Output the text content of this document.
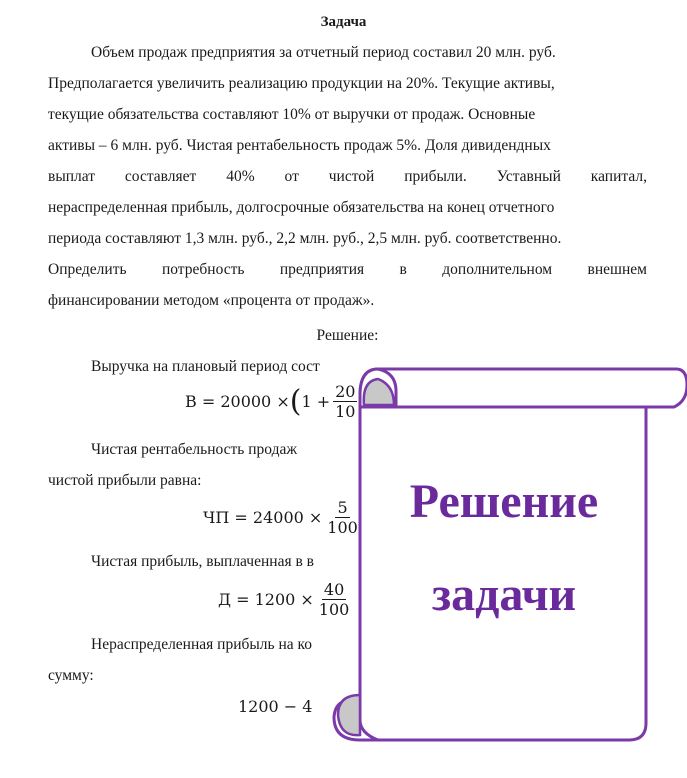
Задача
Объем продаж предприятия за отчетный период составил 20 млн. руб.
Предполагается увеличить реализацию продукции на 20%. Текущие активы,
текущие обязательства составляют 10% от выручки от продаж. Основные
активы – 6 млн. руб. Чистая рентабельность продаж 5%. Доля дивидендных
выплат составляет 40% от чистой прибыли. Уставный капитал,
нераспределенная прибыль, долгосрочные обязательства на конец отчетного
периода составляют 1,3 млн. руб., 2,2 млн. руб., 2,5 млн. руб. соответственно.
Определить потребность предприятия в дополнительном внешнем
финансировании методом «процента от продаж».
Решение:
Выручка на плановый период сост
В = 20000 × ( $1 + \frac{20}{10}$
Чистая рентабельность продаж
чистой прибыли равна:
ЧП = $24000 \times \frac{5}{100}$
Чистая прибыль, выплаченная в в
$Д = 1200 \times \frac{40}{100}$
Нераспределенная прибыль на ко
сумму:
1200 − 4
Решение
задачи
